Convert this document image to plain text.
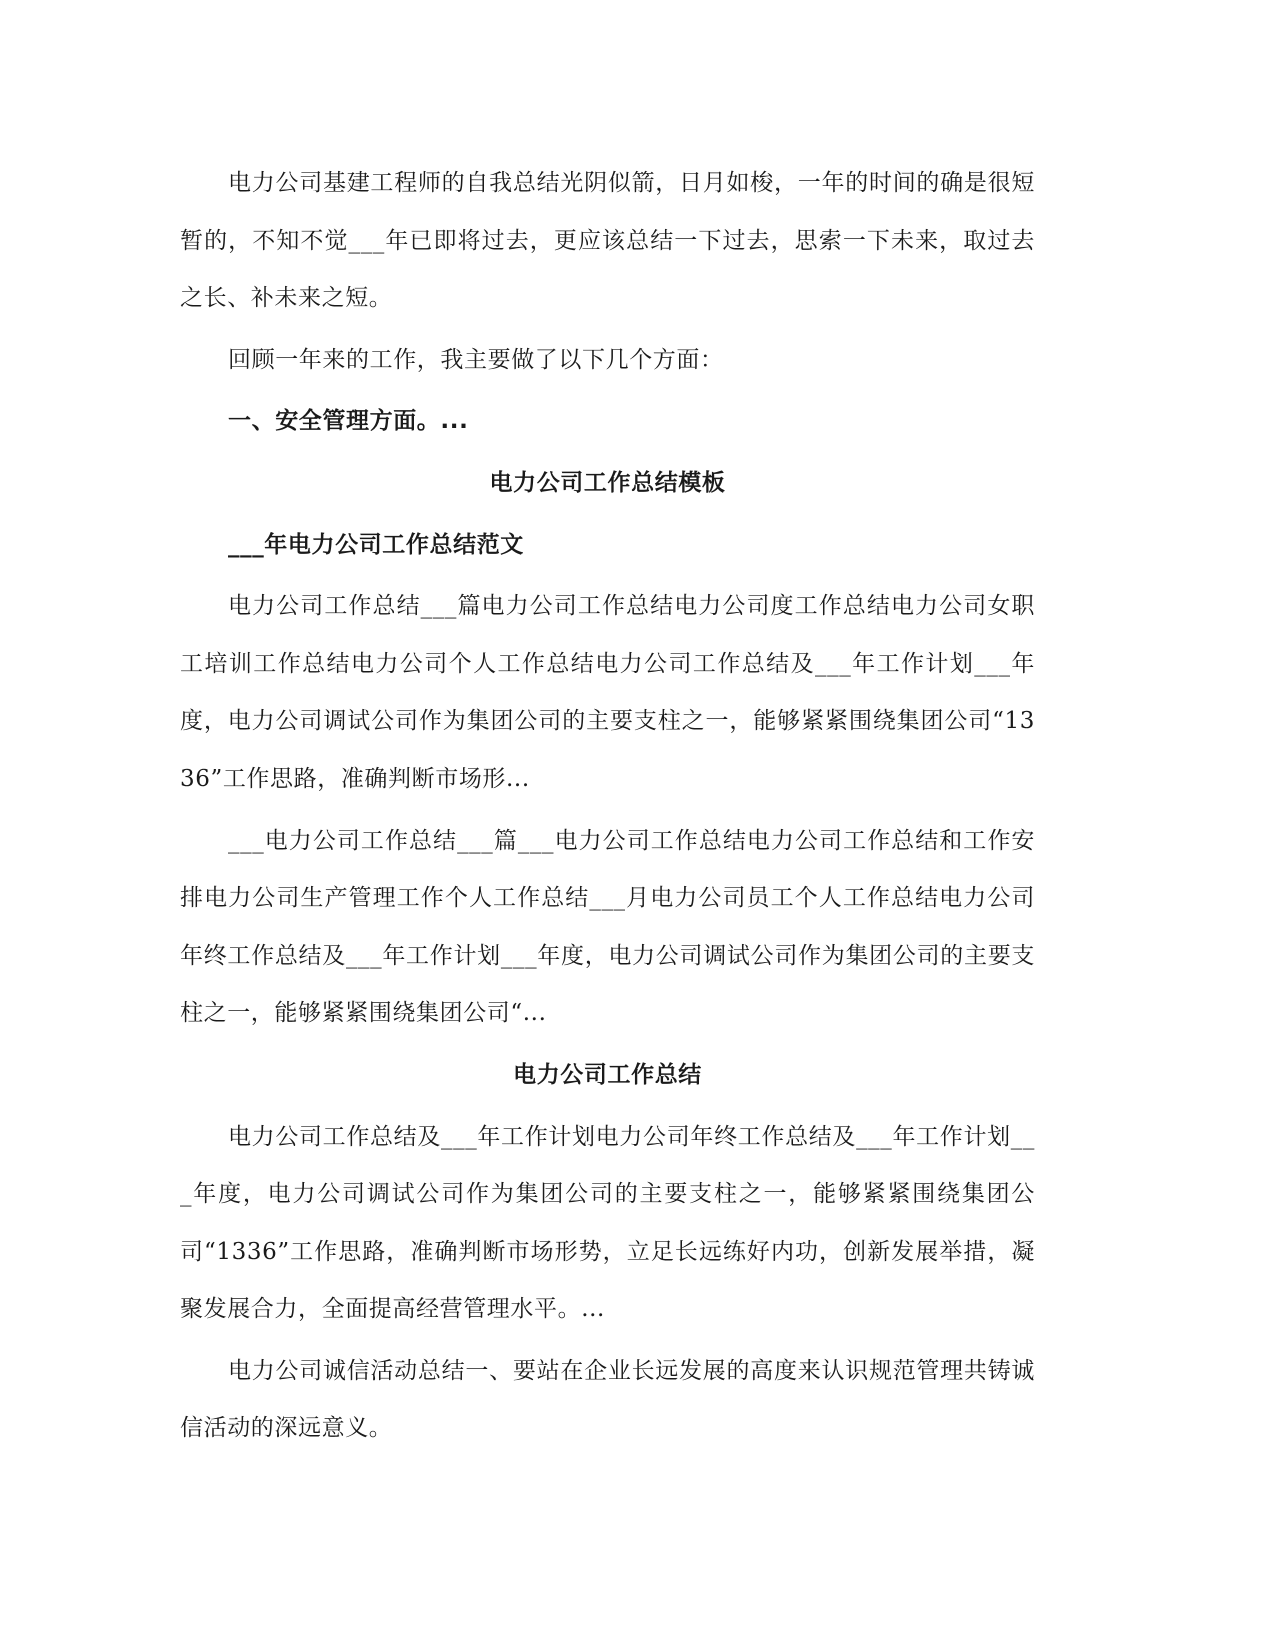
电力公司基建工程师的自我总结光阴似箭，日月如梭，一年的时间的确是很短暂的，不知不觉___年已即将过去，更应该总结一下过去，思索一下未来，取过去之长、补未来之短。

回顾一年来的工作，我主要做了以下几个方面：

一、安全管理方面。...

电力公司工作总结模板

___年电力公司工作总结范文

电力公司工作总结___篇电力公司工作总结电力公司度工作总结电力公司女职工培训工作总结电力公司个人工作总结电力公司工作总结及___年工作计划___年度，电力公司调试公司作为集团公司的主要支柱之一，能够紧紧围绕集团公司“1336”工作思路，准确判断市场形...

___电力公司工作总结___篇___电力公司工作总结电力公司工作总结和工作安排电力公司生产管理工作个人工作总结___月电力公司员工个人工作总结电力公司年终工作总结及___年工作计划___年度，电力公司调试公司作为集团公司的主要支柱之一，能够紧紧围绕集团公司“...

电力公司工作总结

电力公司工作总结及___年工作计划电力公司年终工作总结及___年工作计划___年度，电力公司调试公司作为集团公司的主要支柱之一，能够紧紧围绕集团公司“1336”工作思路，准确判断市场形势，立足长远练好内功，创新发展举措，凝聚发展合力，全面提高经营管理水平。...

电力公司诚信活动总结一、要站在企业长远发展的高度来认识规范管理共铸诚信活动的深远意义。
